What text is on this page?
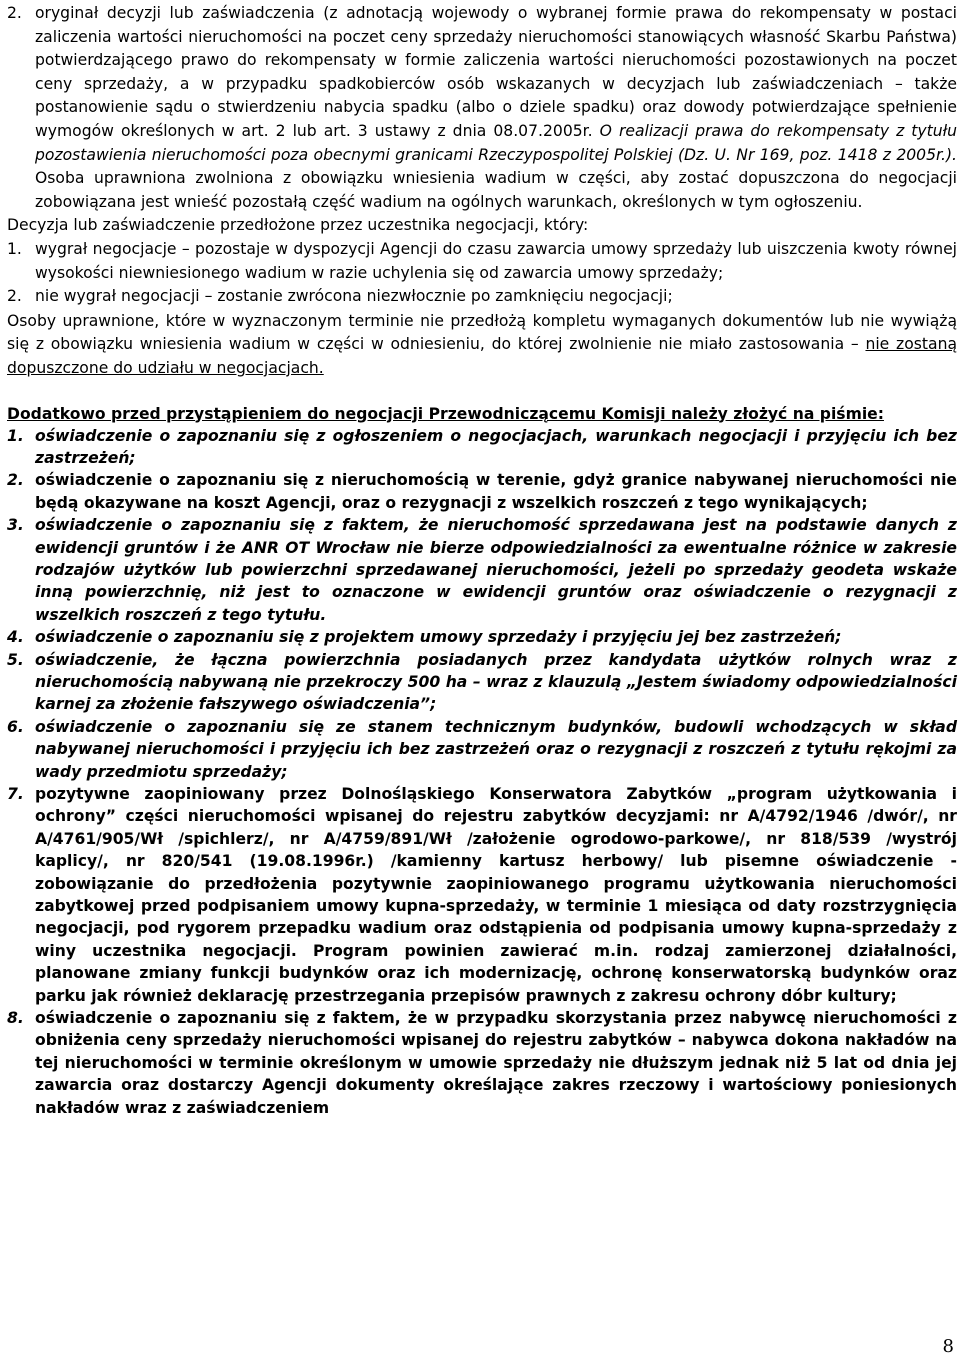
2. oryginał decyzji lub zaświadczenia (z adnotacją wojewody o wybranej formie prawa do rekompensaty w postaci zaliczenia wartości nieruchomości na poczet ceny sprzedaży nieruchomości stanowiących własność Skarbu Państwa) potwierdzającego prawo do rekompensaty w formie zaliczenia wartości nieruchomości pozostawionych na poczet ceny sprzedaży, a w przypadku spadkobierców osób wskazanych w decyzjach lub zaświadczeniach – także postanowienie sądu o stwierdzeniu nabycia spadku (albo o dziele spadku) oraz dowody potwierdzające spełnienie wymogów określonych w art. 2 lub art. 3 ustawy z dnia 08.07.2005r. O realizacji prawa do rekompensaty z tytułu pozostawienia nieruchomości poza obecnymi granicami Rzeczypospolitej Polskiej (Dz. U. Nr 169, poz. 1418 z 2005r.). Osoba uprawniona zwolniona z obowiązku wniesienia wadium w części, aby zostać dopuszczona do negocjacji zobowiązana jest wnieść pozostałą część wadium na ogólnych warunkach, określonych w tym ogłoszeniu.

Decyzja lub zaświadczenie przedłożone przez uczestnika negocjacji, który:

1. wygrał negocjacje – pozostaje w dyspozycji Agencji do czasu zawarcia umowy sprzedaży lub uiszczenia kwoty równej wysokości niewniesionego wadium w razie uchylenia się od zawarcia umowy sprzedaży;

2. nie wygrał negocjacji – zostanie zwrócona niezwłocznie po zamknięciu negocjacji;

Osoby uprawnione, które w wyznaczonym terminie nie przedłożą kompletu wymaganych dokumentów lub nie wywiążą się z obowiązku wniesienia wadium w części w odniesieniu, do której zwolnienie nie miało zastosowania – nie zostaną dopuszczone do udziału w negocjacjach.

Dodatkowo przed przystąpieniem do negocjacji Przewodniczącemu Komisji należy złożyć na piśmie:

1. oświadczenie o zapoznaniu się z ogłoszeniem o negocjacjach, warunkach negocjacji i przyjęciu ich bez zastrzeżeń;

2. oświadczenie o zapoznaniu się z nieruchomością w terenie, gdyż granice nabywanej nieruchomości nie będą okazywane na koszt Agencji, oraz o rezygnacji z wszelkich roszczeń z tego wynikających;

3. oświadczenie o zapoznaniu się z faktem, że nieruchomość sprzedawana jest na podstawie danych z ewidencji gruntów i że ANR OT Wrocław nie bierze odpowiedzialności za ewentualne różnice w zakresie rodzajów użytków lub powierzchni sprzedawanej nieruchomości, jeżeli po sprzedaży geodeta wskaże inną powierzchnię, niż jest to oznaczone w ewidencji gruntów oraz oświadczenie o rezygnacji z wszelkich roszczeń z tego tytułu.

4. oświadczenie o zapoznaniu się z projektem umowy sprzedaży i przyjęciu jej bez zastrzeżeń;

5. oświadczenie, że łączna powierzchnia posiadanych przez kandydata użytków rolnych wraz z nieruchomością nabywaną nie przekroczy 500 ha – wraz z klauzulą „Jestem świadomy odpowiedzialności karnej za złożenie fałszywego oświadczenia”;

6. oświadczenie o zapoznaniu się ze stanem technicznym budynków, budowli wchodzących w skład nabywanej nieruchomości i przyjęciu ich bez zastrzeżeń oraz o rezygnacji z roszczeń z tytułu rękojmi za wady przedmiotu sprzedaży;

7. pozytywne zaopiniowany przez Dolnośląskiego Konserwatora Zabytków „program użytkowania i ochrony” części nieruchomości wpisanej do rejestru zabytków decyzjami: nr A/4792/1946 /dwór/, nr A/4761/905/Wł /spichlerz/, nr A/4759/891/Wł /założenie ogrodowo-parkowe/, nr 818/539 /wystrój kaplicy/, nr 820/541 (19.08.1996r.) /kamienny kartusz herbowy/ lub pisemne oświadczenie - zobowiązanie do przedłożenia pozytywnie zaopiniowanego programu użytkowania nieruchomości zabytkowej przed podpisaniem umowy kupna-sprzedaży, w terminie 1 miesiąca od daty rozstrzygnięcia negocjacji, pod rygorem przepadku wadium oraz odstąpienia od podpisania umowy kupna-sprzedaży z winy uczestnika negocjacji. Program powinien zawierać m.in. rodzaj zamierzonej działalności, planowane zmiany funkcji budynków oraz ich modernizację, ochronę konserwatorską budynków oraz parku jak również deklarację przestrzegania przepisów prawnych z zakresu ochrony dóbr kultury;

8. oświadczenie o zapoznaniu się z faktem, że w przypadku skorzystania przez nabywcę nieruchomości z obniżenia ceny sprzedaży nieruchomości wpisanej do rejestru zabytków – nabywca dokona nakładów na tej nieruchomości w terminie określonym w umowie sprzedaży nie dłuższym jednak niż 5 lat od dnia jej zawarcia oraz dostarczy Agencji dokumenty określające zakres rzeczowy i wartościowy poniesionych nakładów wraz z zaświadczeniem

8
